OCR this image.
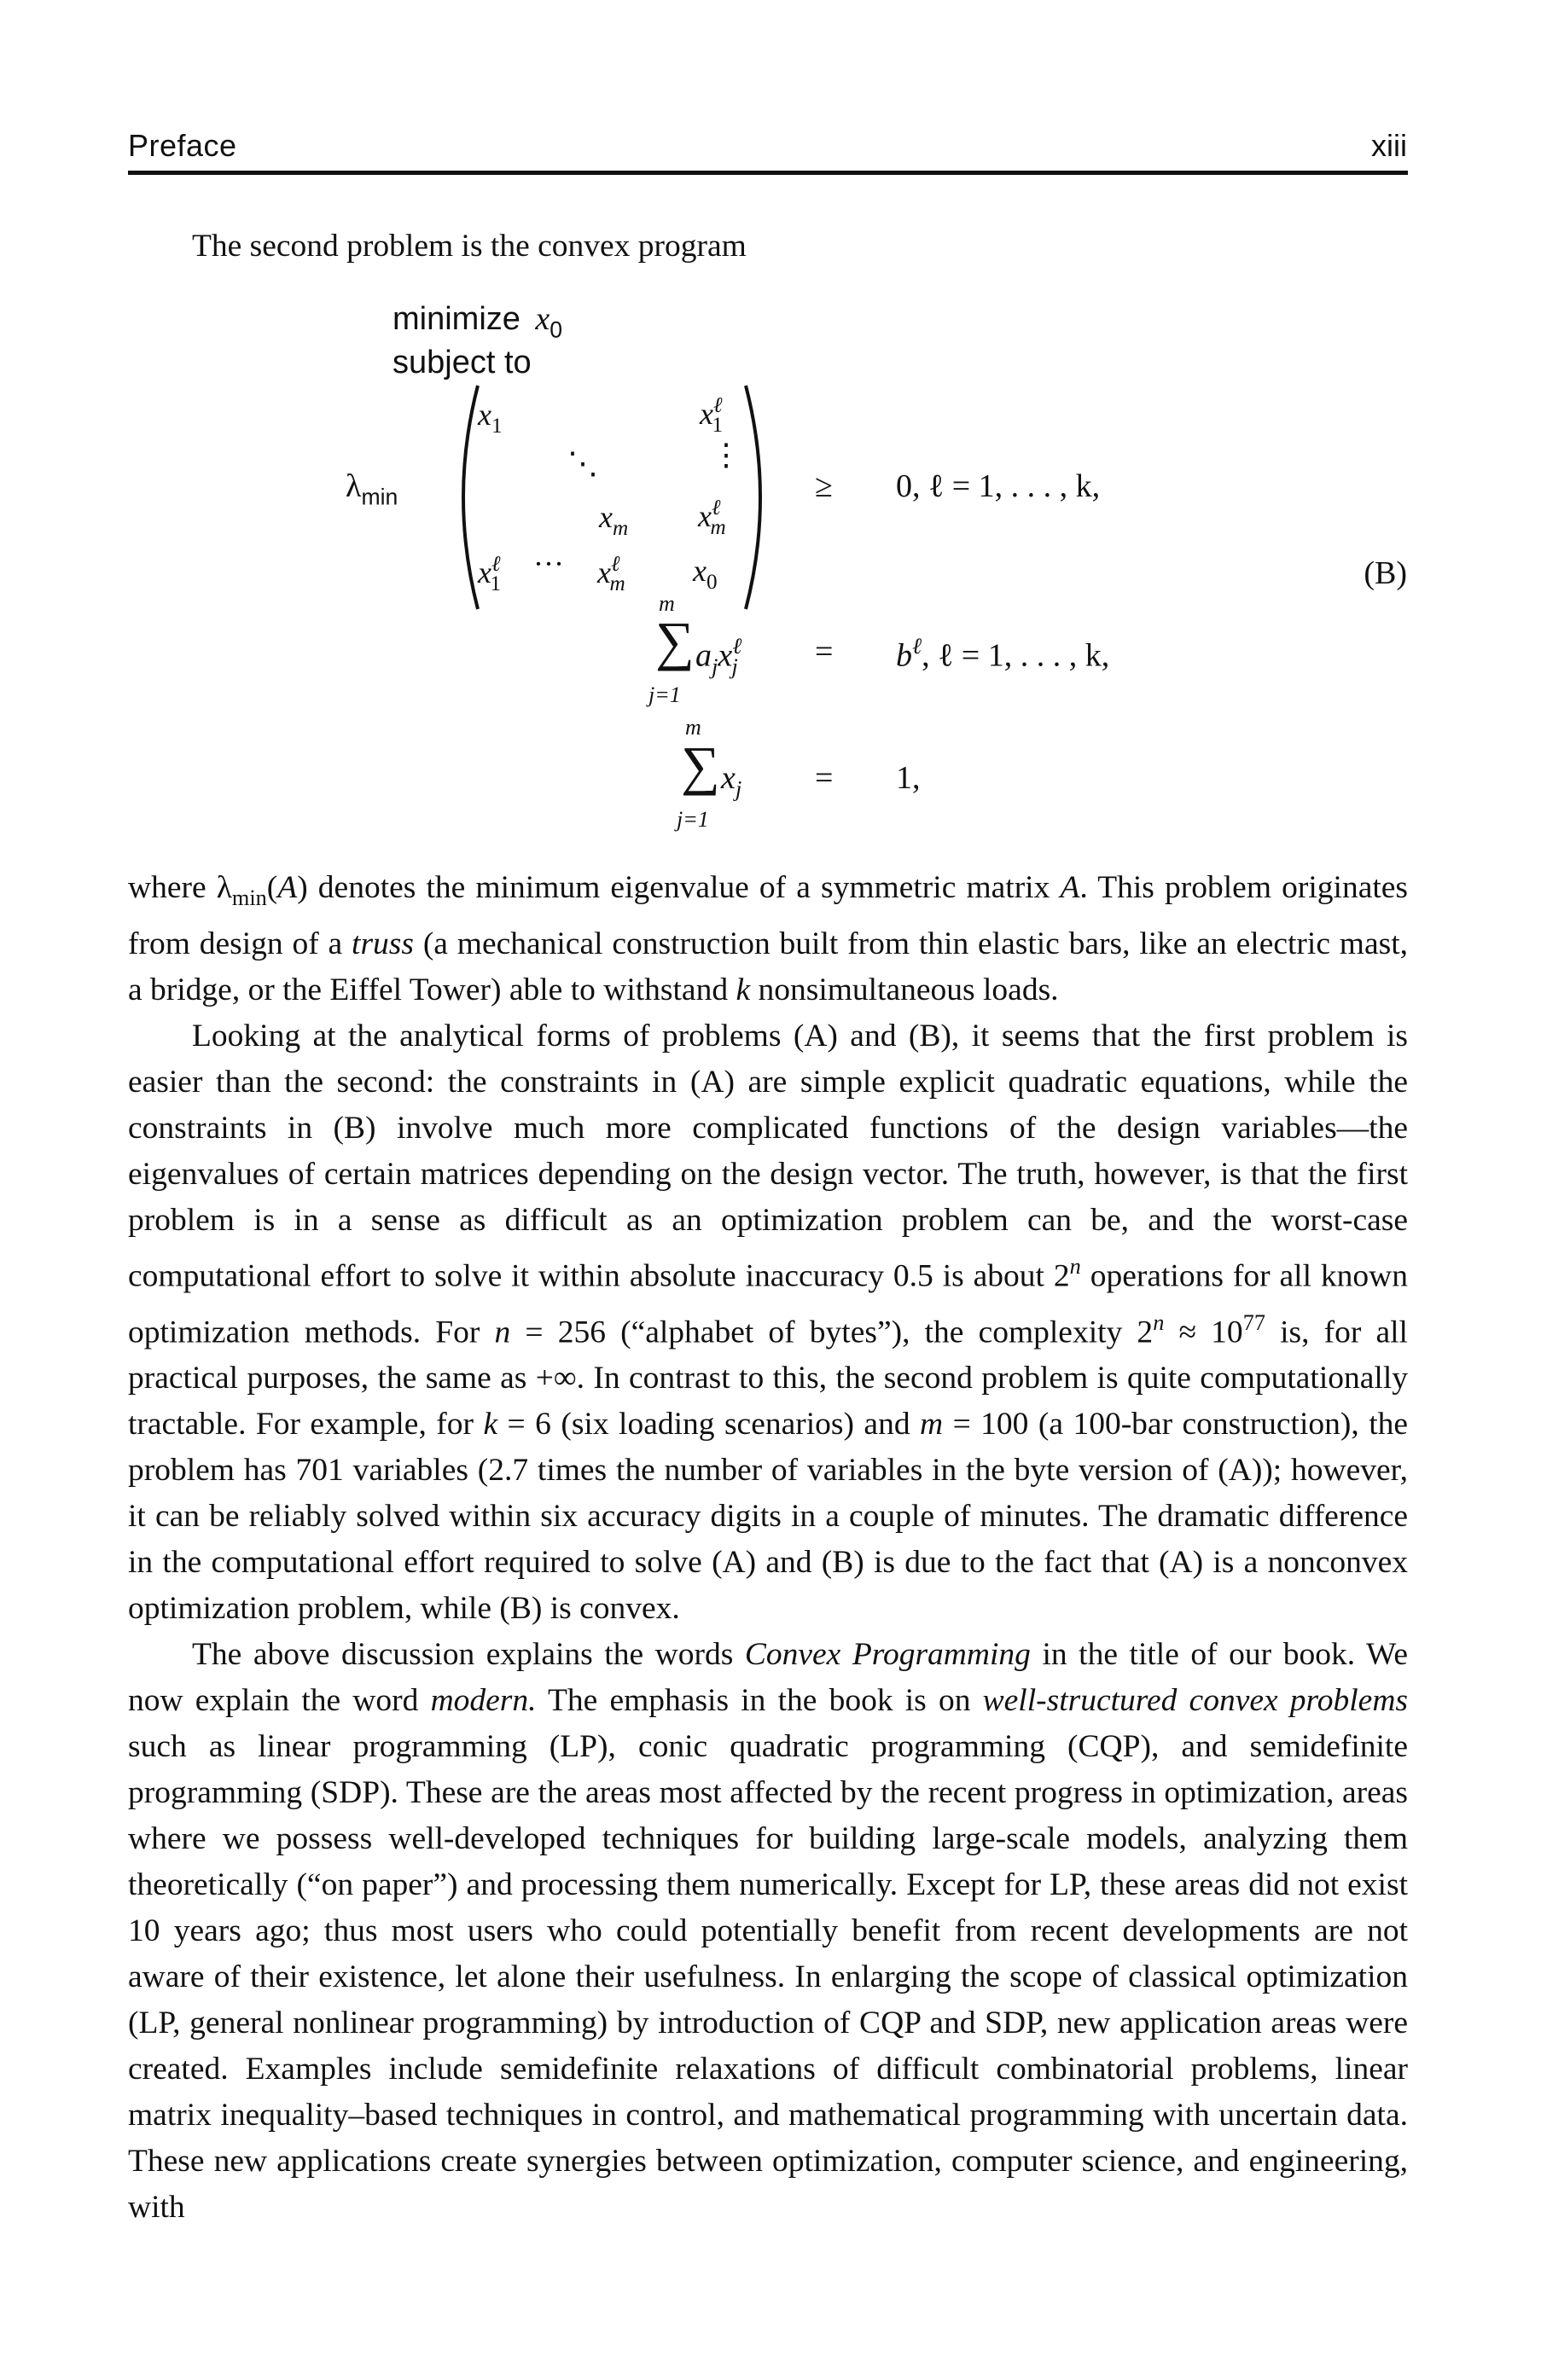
Preface	xiii
The second problem is the convex program
minimize $x_0$
subject to
$\lambda_{min}$
$x_1$	$x^\ell_1$
⋱	⋮
$x_m$ $x^\ell_m$
$x^\ell_1$
··· $x^\ell_m$ $x_0$
≥ 0, ℓ = 1, . . . , k,
(B)
m
∑ $a_jx^\ell_j$
j=1
= $b^\ell$, ℓ = 1, . . . , k,
m
∑ $x_j$
j=1
= 1,

where $\lambda_{min}(A)$ denotes the minimum eigenvalue of a symmetric matrix A. This problem originates from design of a truss (a mechanical construction built from thin elastic bars, like an electric mast, a bridge, or the Eiffel Tower) able to withstand k nonsimultaneous loads.

Looking at the analytical forms of problems (A) and (B), it seems that the first problem is easier than the second: the constraints in (A) are simple explicit quadratic equations, while the constraints in (B) involve much more complicated functions of the design variables—the eigenvalues of certain matrices depending on the design vector. The truth, however, is that the first problem is in a sense as difficult as an optimization problem can be, and the worst-case computational effort to solve it within absolute inaccuracy 0.5 is about 2$^n$ operations for all known optimization methods. For n = 256 (“alphabet of bytes”), the complexity $2^n \approx 10^{77}$ is, for all practical purposes, the same as +∞. In contrast to this, the second problem is quite computationally tractable. For example, for k = 6 (six loading scenarios) and m = 100 (a 100-bar construction), the problem has 701 variables (2.7 times the number of variables in the byte version of (A)); however, it can be reliably solved within six accuracy digits in a couple of minutes. The dramatic difference in the computational effort required to solve (A) and (B) is due to the fact that (A) is a nonconvex optimization problem, while (B) is convex.

The above discussion explains the words Convex Programming in the title of our book. We now explain the word modern. The emphasis in the book is on well-structured convex problems such as linear programming (LP), conic quadratic programming (CQP), and semidefinite programming (SDP). These are the areas most affected by the recent progress in optimization, areas where we possess well-developed techniques for building large-scale models, analyzing them theoretically (“on paper”) and processing them numerically. Except for LP, these areas did not exist 10 years ago; thus most users who could potentially benefit from recent developments are not aware of their existence, let alone their usefulness. In enlarging the scope of classical optimization (LP, general nonlinear programming) by introduction of CQP and SDP, new application areas were created. Examples include semidefinite relaxations of difficult combinatorial problems, linear matrix inequality–based techniques in control, and mathematical programming with uncertain data. These new applications create synergies between optimization, computer science, and engineering, with
